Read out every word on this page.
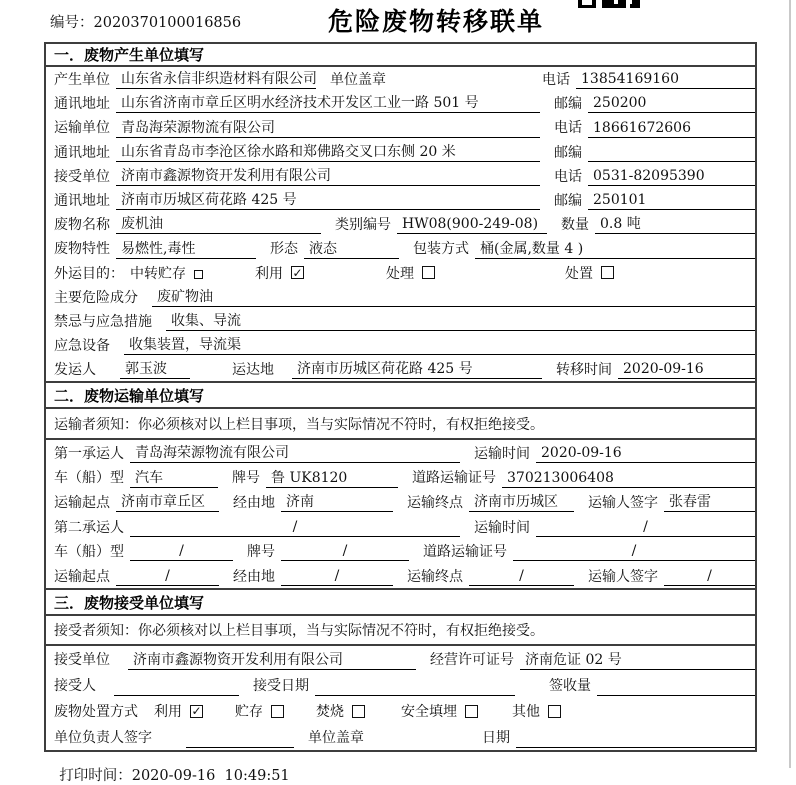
编号：2020370100016856	危险废物转移联单
一．废物产生单位填写
产生单位 山东省永信非织造材料有限公司 单位盖章	电话 13854169160
通讯地址 山东省济南市章丘区明水经济技术开发区工业一路 501 号	邮编 250200
运输单位 青岛海荣源物流有限公司	电话 18661672606
通讯地址 山东省青岛市李沧区徐水路和郑佛路交叉口东侧 20 米	邮编
接受单位 济南市鑫源物资开发利用有限公司	电话 0531-82095390
通讯地址 济南市历城区荷花路 425 号	邮编 250101
废物名称 废机油	类别编号 HW08(900-249-08)	数量 0.8 吨
废物特性 易燃性,毒性	形态 液态	包装方式 桶(金属,数量 4 )
外运目的： 中转贮存	利用 ✓	处理	处置
主要危险成分	废矿物油
禁忌与应急措施	收集、导流
应急设备	收集装置，导流渠
发运人	郭玉波	运达地	济南市历城区荷花路 425 号	转移时间 2020-09-16
二．废物运输单位填写
运输者须知：你必须核对以上栏目事项，当与实际情况不符时，有权拒绝接受。
第一承运人 青岛海荣源物流有限公司	运输时间 2020-09-16
车（船）型 汽车	牌号 鲁 UK8120	道路运输证号 370213006408
运输起点 济南市章丘区	经由地 济南	运输终点 济南市历城区	运输人签字 张春雷
第二承运人	/	运输时间	/
车（船）型	/	牌号	/	道路运输证号	/
运输起点	/	经由地	/	运输终点	/	运输人签字	/
三．废物接受单位填写
接受者须知：你必须核对以上栏目事项，当与实际情况不符时，有权拒绝接受。
接受单位	济南市鑫源物资开发利用有限公司	经营许可证号 济南危证 02 号
接受人	接受日期	签收量
废物处置方式 利用 ✓ 贮存	焚烧	安全填埋	其他
单位负责人签字	单位盖章	日期

打印时间：2020-09-16  10:49:51
